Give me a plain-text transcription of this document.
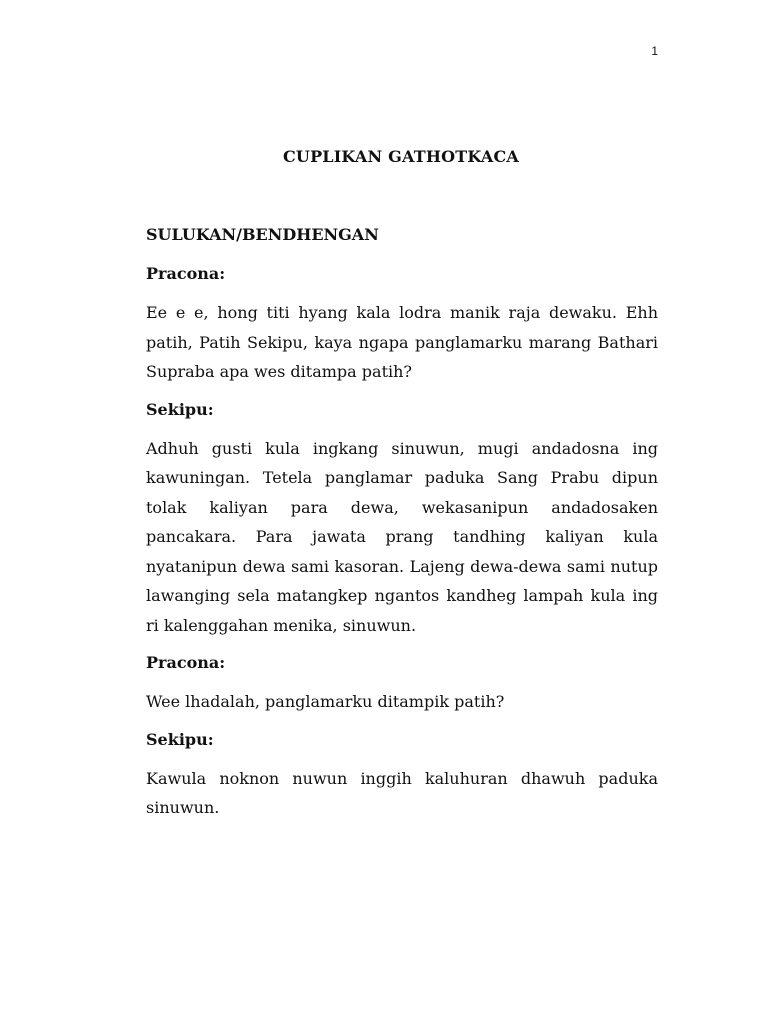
1
CUPLIKAN GATHOTKACA

SULUKAN/BENDHENGAN

Pracona:

Ee e e, hong titi hyang kala lodra manik raja dewaku. Ehh patih, Patih Sekipu, kaya ngapa panglamarku marang Bathari Supraba apa wes ditampa patih?

Sekipu:

Adhuh gusti kula ingkang sinuwun, mugi andadosna ing kawuningan. Tetela panglamar paduka Sang Prabu dipun tolak kaliyan para dewa, wekasanipun andadosaken pancakara. Para jawata prang tandhing kaliyan kula nyatanipun dewa sami kasoran. Lajeng dewa-dewa sami nutup lawanging sela matangkep ngantos kandheg lampah kula ing ri kalenggahan menika, sinuwun.

Pracona:

Wee lhadalah, panglamarku ditampik patih?

Sekipu:

Kawula noknon nuwun inggih kaluhuran dhawuh paduka sinuwun.
